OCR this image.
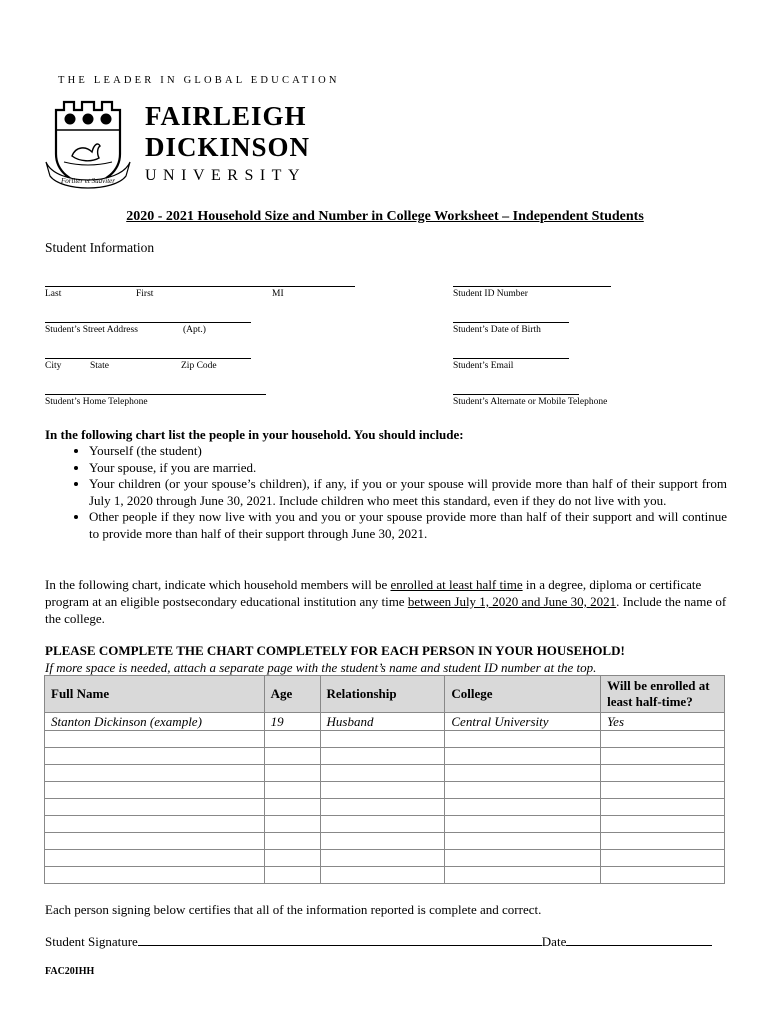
THE LEADER IN GLOBAL EDUCATION
Fortiter et Suaviter
FAIRLEIGH
DICKINSON
UNIVERSITY
2020 - 2021 Household Size and Number in College Worksheet – Independent Students
Student Information
Last	First	MI	Student ID Number
Student’s Street Address	(Apt.)	Student’s Date of Birth
City	State	Zip Code	Student’s Email
Student’s Home Telephone	Student’s Alternate or Mobile Telephone
In the following chart list the people in your household. You should include:
• Yourself (the student)
• Your spouse, if you are married.
• Your children (or your spouse’s children), if any, if you or your spouse will provide more than half of their support from July 1, 2020 through June 30, 2021. Include children who meet this standard, even if they do not live with you.
• Other people if they now live with you and you or your spouse provide more than half of their support and will continue to provide more than half of their support through June 30, 2021.
In the following chart, indicate which household members will be enrolled at least half time in a degree, diploma or certificate program at an eligible postsecondary educational institution any time between July 1, 2020 and June 30, 2021. Include the name of the college.
PLEASE COMPLETE THE CHART COMPLETELY FOR EACH PERSON IN YOUR HOUSEHOLD!
If more space is needed, attach a separate page with the student’s name and student ID number at the top.
Full Name	Age	Relationship	College	Will be enrolled at least half-time?
Stanton Dickinson (example)	19	Husband	Central University	Yes

Each person signing below certifies that all of the information reported is complete and correct.
Student Signature	Date
FAC20IHH
